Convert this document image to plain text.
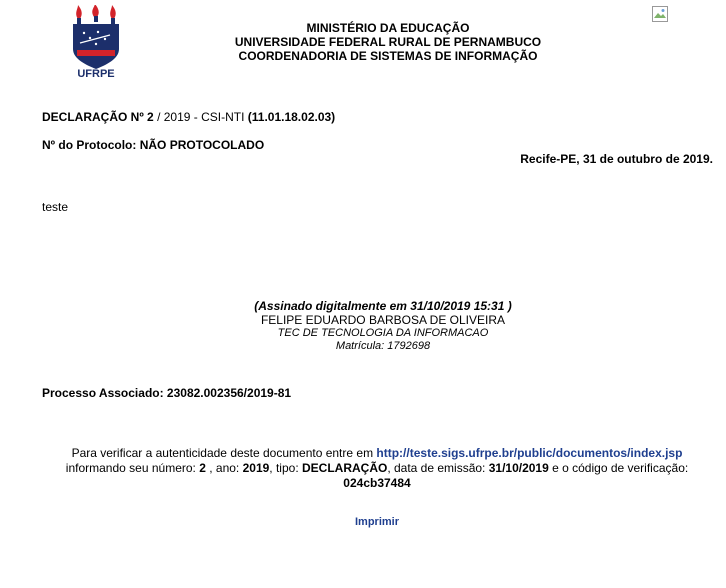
UFRPE
MINISTÉRIO DA EDUCAÇÃO
UNIVERSIDADE FEDERAL RURAL DE PERNAMBUCO
COORDENADORIA DE SISTEMAS DE INFORMAÇÃO
DECLARAÇÃO Nº 2 / 2019 - CSI-NTI (11.01.18.02.03)
Nº do Protocolo: NÃO PROTOCOLADO
Recife-PE, 31 de outubro de 2019.
teste
(Assinado digitalmente em 31/10/2019 15:31 )
FELIPE EDUARDO BARBOSA DE OLIVEIRA
TEC DE TECNOLOGIA DA INFORMACAO
Matrícula: 1792698
Processo Associado: 23082.002356/2019-81
Para verificar a autenticidade deste documento entre em http://teste.sigs.ufrpe.br/public/documentos/index.jsp
informando seu número: 2 , ano: 2019, tipo: DECLARAÇÃO, data de emissão: 31/10/2019 e o código de verificação:
024cb37484
Imprimir
